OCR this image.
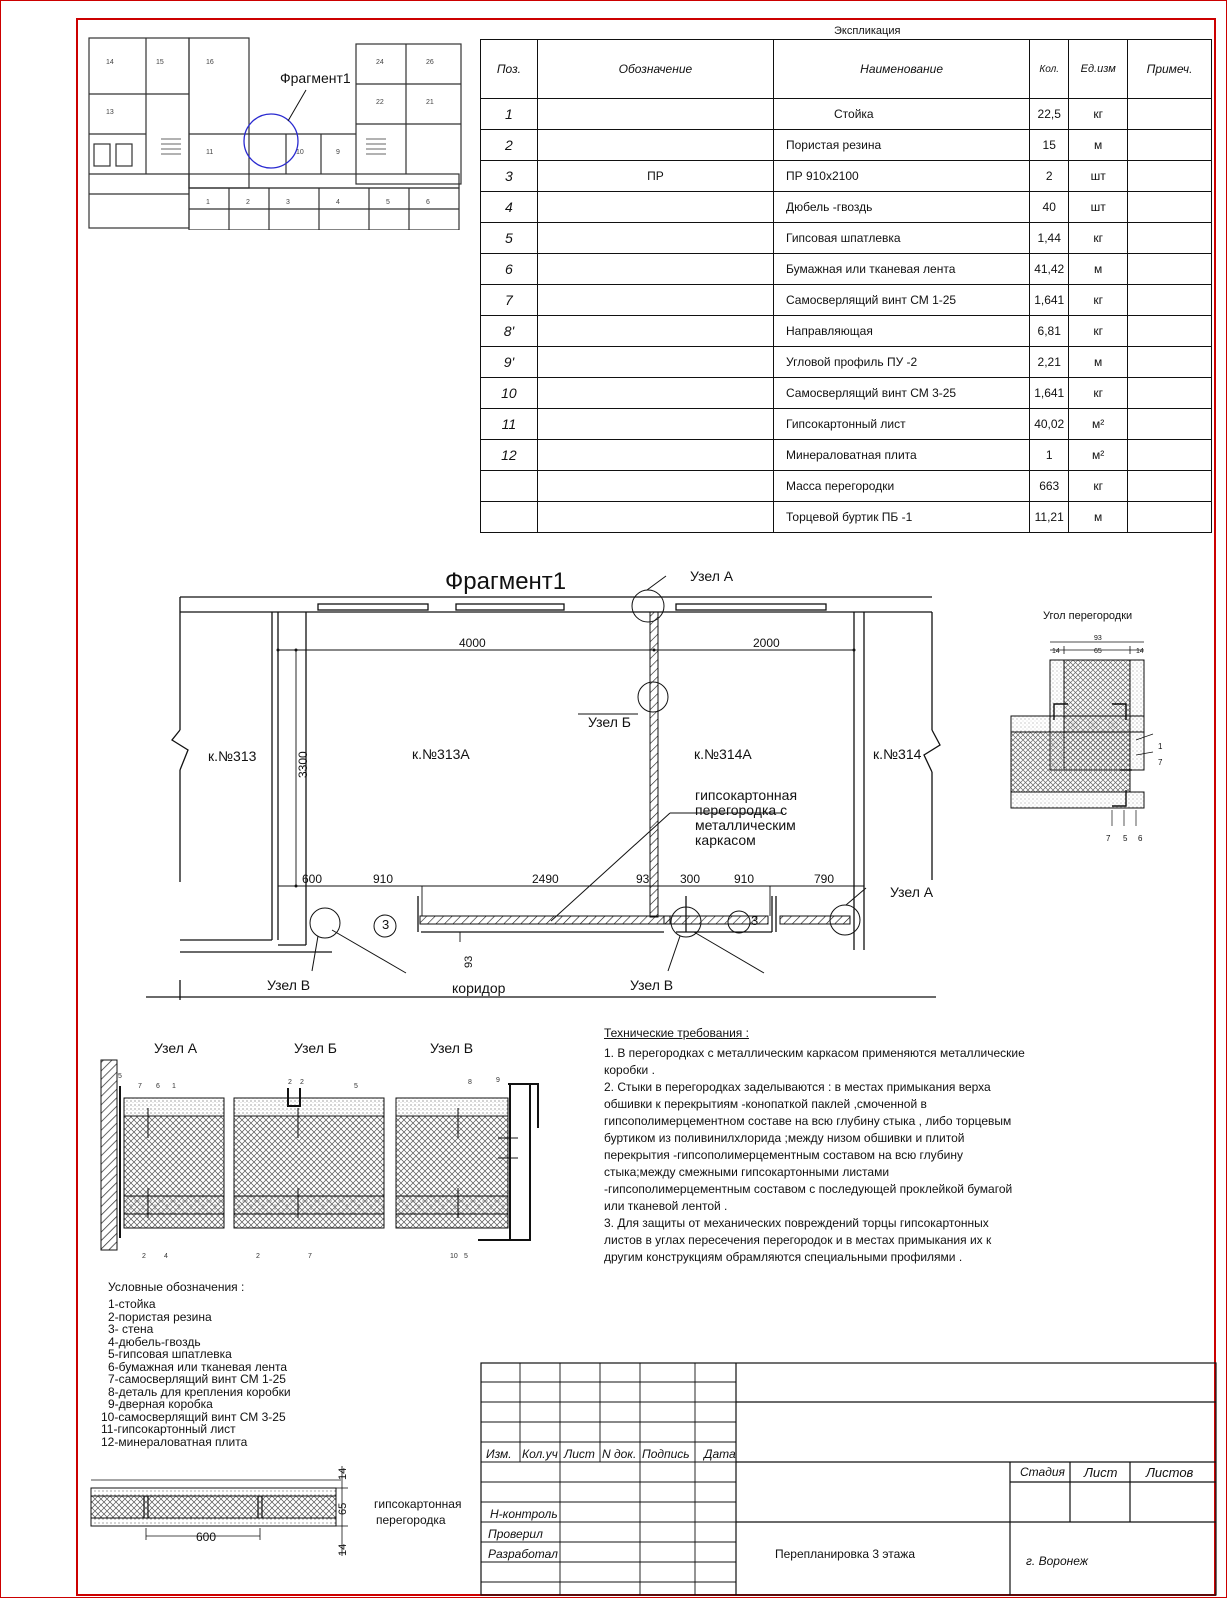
14	15	16	24	26
22	21
13
11	10	9
1	2	3	4	5	6
Фрагмент1
Экспликация
Поз.	Обозначение	Наименование	Кол.	Ед.изм	Примеч.
1		Стойка	22,5	кг	
2		Пористая резина	15	м	
3	ПР	ПР 910х2100	2	шт	
4		Дюбель -гвоздь	40	шт	
5		Гипсовая шпатлевка	1,44	кг	
6		Бумажная или тканевая лента	41,42	м	
7		Самосверлящий винт СМ 1-25	1,641	кг	
8'		Направляющая	6,81	кг	
9'		Угловой профиль ПУ -2	2,21	м	
10		Самосверлящий винт СМ 3-25	1,641	кг	
11		Гипсокартонный лист	40,02	м²	
12		Минераловатная плита	1	м²	
		Масса перегородки	663	кг	
		Торцевой буртик ПБ -1	11,21	м	
Фрагмент1	Узел А
Узел Б
Узел А
Узел В	Узел В
к.№313	к.№313А	к.№314А	к.№314
коридор
гипсокартонная
перегородка с
металлическим
каркасом
3	3
4000	2000
3300
600	910	2490	93	300	910	790
93
Угол перегородки
93
14	65	14
1
7
7 5 6
Узел А	Узел Б	Узел В
5
7 6 1
2 2
5
8	9
2	4	2	7	10 5
Технические требования :

1. В перегородках с металлическим каркасом применяются металлические

коробки .

2. Стыки в перегородках заделываются : в местах примыкания верха

обшивки к перекрытиям -конопаткой паклей ,смоченной в

гипсополимерцементном составе на всю глубину стыка , либо торцевым

буртиком из поливинилхлорида ;между низом обшивки и плитой

перекрытия -гипсополимерцементным составом на всю глубину

стыка;между смежными гипсокартонными листами

-гипсополимерцементным составом с последующей проклейкой бумагой

или тканевой лентой .

3. Для защиты от механических повреждений торцы гипсокартонных

листов в углах пересечения перегородок и в местах примыкания их к

другим конструкциям обрамляются специальными профилями .

Условные обозначения :
1-стойка
2-пористая резина
3- стена
4-дюбель-гвоздь
5-гипсовая шпатлевка
6-бумажная или тканевая лента
7-самосверлящий винт СМ 1-25
8-деталь для крепления коробки
9-дверная коробка
10-самосверлящий винт СМ 3-25
11-гипсокартонный лист
12-минераловатная плита
600
14
65
14
гипсокартонная
перегородка
Изм. Кол.уч Лист N док. Подпись Дата
Н-контроль
Проверил
Разработал
Стадия Лист Листов
Перепланировка 3 этажа	г. Воронеж
